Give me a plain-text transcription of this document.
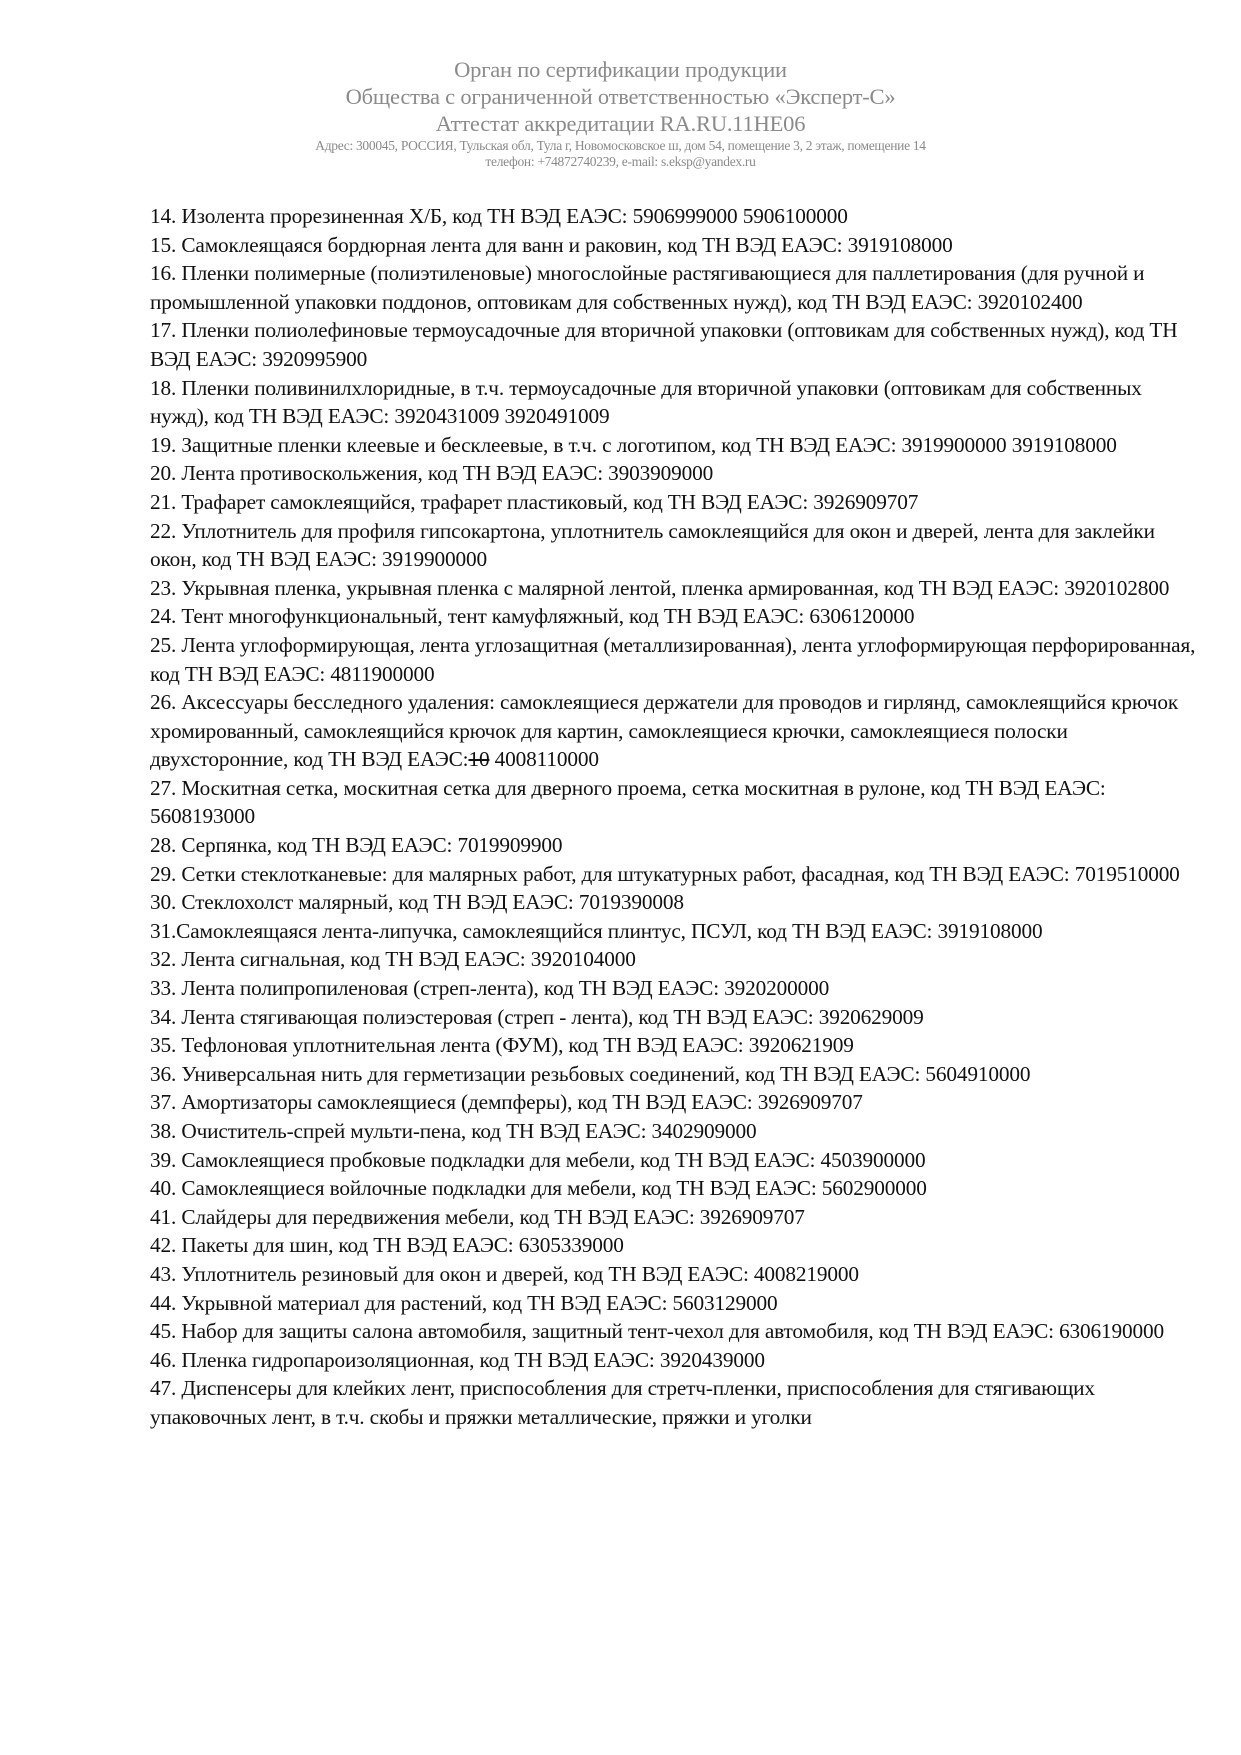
Орган по сертификации продукции
Общества с ограниченной ответственностью «Эксперт-С»
Аттестат аккредитации RA.RU.11НЕ06
Адрес: 300045, РОССИЯ, Тульская обл, Тула г, Новомосковское ш, дом 54, помещение 3, 2 этаж, помещение 14
телефон: +74872740239, e-mail: s.eksp@yandex.ru

14. Изолента прорезиненная Х/Б, код ТН ВЭД ЕАЭС: 5906999000 5906100000

15. Самоклеящаяся бордюрная лента для ванн и раковин, код ТН ВЭД ЕАЭС: 3919108000

16. Пленки полимерные (полиэтиленовые) многослойные растягивающиеся для паллетирования (для ручной и промышленной упаковки поддонов, оптовикам для собственных нужд), код ТН ВЭД ЕАЭС: 3920102400

17. Пленки полиолефиновые термоусадочные для вторичной упаковки (оптовикам для собственных нужд), код ТН ВЭД ЕАЭС: 3920995900

18. Пленки поливинилхлоридные, в т.ч. термоусадочные для вторичной упаковки (оптовикам для собственных нужд), код ТН ВЭД ЕАЭС: 3920431009 3920491009

19. Защитные пленки клеевые и бесклеевые, в т.ч. с логотипом, код ТН ВЭД ЕАЭС: 3919900000 3919108000

20. Лента противоскольжения, код ТН ВЭД ЕАЭС: 3903909000

21. Трафарет самоклеящийся, трафарет пластиковый, код ТН ВЭД ЕАЭС: 3926909707

22. Уплотнитель для профиля гипсокартона, уплотнитель самоклеящийся для окон и дверей, лента для заклейки окон, код ТН ВЭД ЕАЭС: 3919900000

23. Укрывная пленка, укрывная пленка с малярной лентой, пленка армированная, код ТН ВЭД ЕАЭС: 3920102800

24. Тент многофункциональный, тент камуфляжный, код ТН ВЭД ЕАЭС: 6306120000

25. Лента углоформирующая, лента углозащитная (металлизированная), лента углоформирующая перфорированная, код ТН ВЭД ЕАЭС: 4811900000

26. Аксессуары бесследного удаления: самоклеящиеся держатели для проводов и гирлянд, самоклеящийся крючок хромированный, самоклеящийся крючок для картин, самоклеящиеся крючки, самоклеящиеся полоски двухсторонние, код ТН ВЭД ЕАЭС:10 4008110000

27. Москитная сетка, москитная сетка для дверного проема, сетка москитная в рулоне, код ТН ВЭД ЕАЭС: 5608193000

28. Серпянка, код ТН ВЭД ЕАЭС: 7019909900

29. Сетки стеклотканевые: для малярных работ, для штукатурных работ, фасадная, код ТН ВЭД ЕАЭС: 7019510000

30. Стеклохолст малярный, код ТН ВЭД ЕАЭС: 7019390008

31.Самоклеящаяся лента-липучка, самоклеящийся плинтус, ПСУЛ, код ТН ВЭД ЕАЭС: 3919108000

32. Лента сигнальная, код ТН ВЭД ЕАЭС: 3920104000

33. Лента полипропиленовая (стреп-лента), код ТН ВЭД ЕАЭС: 3920200000

34. Лента стягивающая полиэстеровая (стреп - лента), код ТН ВЭД ЕАЭС: 3920629009

35. Тефлоновая уплотнительная лента (ФУМ), код ТН ВЭД ЕАЭС: 3920621909

36. Универсальная нить для герметизации резьбовых соединений, код ТН ВЭД ЕАЭС: 5604910000

37. Амортизаторы самоклеящиеся (демпферы), код ТН ВЭД ЕАЭС: 3926909707

38. Очиститель-спрей мульти-пена, код ТН ВЭД ЕАЭС: 3402909000

39. Самоклеящиеся пробковые подкладки для мебели, код ТН ВЭД ЕАЭС: 4503900000

40. Самоклеящиеся войлочные подкладки для мебели, код ТН ВЭД ЕАЭС: 5602900000

41. Слайдеры для передвижения мебели, код ТН ВЭД ЕАЭС: 3926909707

42. Пакеты для шин, код ТН ВЭД ЕАЭС: 6305339000

43. Уплотнитель резиновый для окон и дверей, код ТН ВЭД ЕАЭС: 4008219000

44. Укрывной материал для растений, код ТН ВЭД ЕАЭС: 5603129000

45. Набор для защиты салона автомобиля, защитный тент-чехол для автомобиля, код ТН ВЭД ЕАЭС: 6306190000

46. Пленка гидропароизоляционная, код ТН ВЭД ЕАЭС: 3920439000

47. Диспенсеры для клейких лент, приспособления для стретч-пленки, приспособления для стягивающих упаковочных лент, в т.ч. скобы и пряжки металлические, пряжки и уголки
